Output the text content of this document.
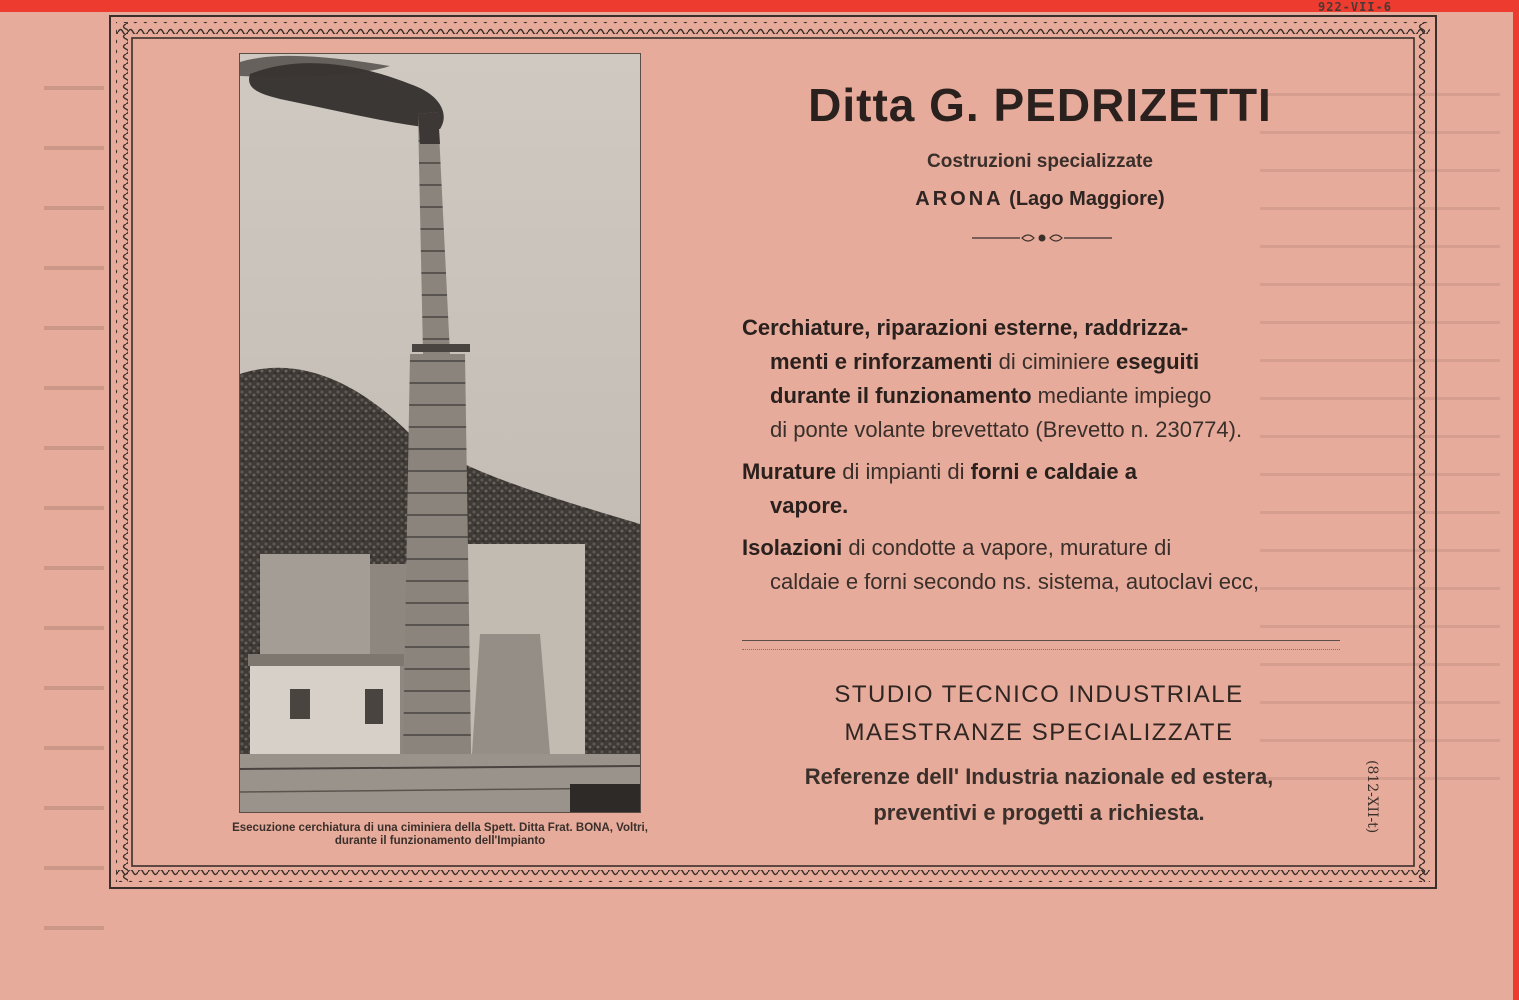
922-VII-6
Esecuzione cerchiatura di una ciminiera della Spett. Ditta Frat. BONA, Voltri,
durante il funzionamento dell'Impianto
Ditta G. PEDRIZETTI
Costruzioni specializzate
ARONA (Lago Maggiore)
Cerchiature, riparazioni esterne, raddrizza-
menti e rinforzamenti di ciminiere eseguiti
durante il funzionamento mediante impiego
di ponte volante brevettato (Brevetto n. 230774).
Murature di impianti di forni e caldaie a
vapore.
Isolazioni di condotte a vapore, murature di
caldaie e forni secondo ns. sistema, autoclavi ecc,
STUDIO TECNICO INDUSTRIALE
MAESTRANZE SPECIALIZZATE
Referenze dell' Industria nazionale ed estera,
preventivi e progetti a richiesta.	(812-XII-t)
